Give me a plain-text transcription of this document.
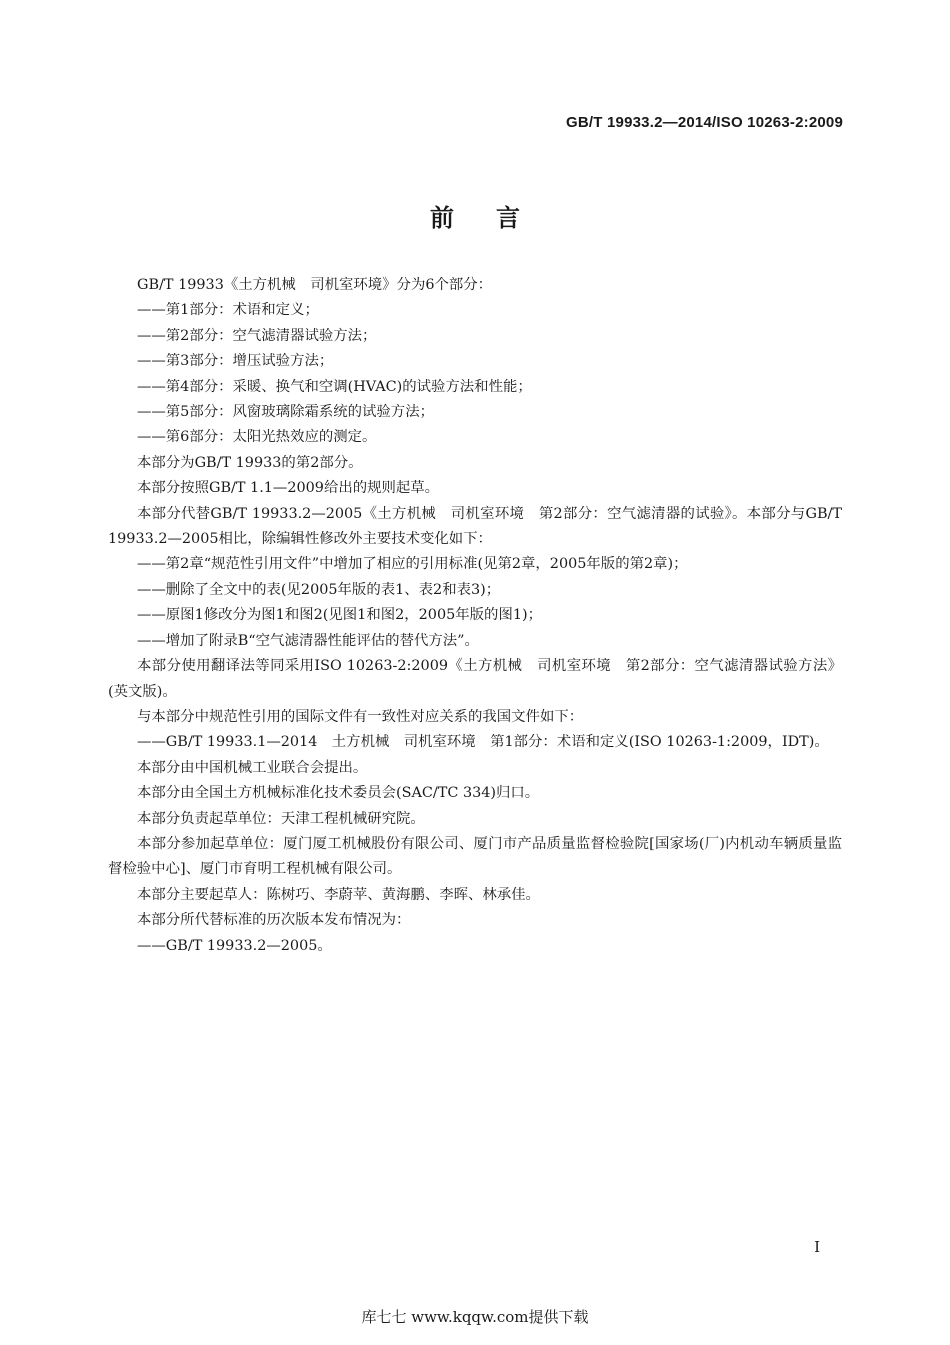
GB/T 19933.2—2014/ISO 10263-2:2009
前言

GB/T 19933《土方机械　司机室环境》分为6个部分：

——第1部分：术语和定义；

——第2部分：空气滤清器试验方法；

——第3部分：增压试验方法；

——第4部分：采暖、换气和空调(HVAC)的试验方法和性能；

——第5部分：风窗玻璃除霜系统的试验方法；

——第6部分：太阳光热效应的测定。

本部分为GB/T 19933的第2部分。

本部分按照GB/T 1.1—2009给出的规则起草。

本部分代替GB/T 19933.2—2005《土方机械　司机室环境　第2部分：空气滤清器的试验》。本部分与GB/T 19933.2—2005相比，除编辑性修改外主要技术变化如下：

——第2章“规范性引用文件”中增加了相应的引用标准(见第2章，2005年版的第2章)；

——删除了全文中的表(见2005年版的表1、表2和表3)；

——原图1修改分为图1和图2(见图1和图2，2005年版的图1)；

——增加了附录B“空气滤清器性能评估的替代方法”。

本部分使用翻译法等同采用ISO 10263-2:2009《土方机械　司机室环境　第2部分：空气滤清器试验方法》(英文版)。

与本部分中规范性引用的国际文件有一致性对应关系的我国文件如下：

——GB/T 19933.1—2014　土方机械　司机室环境　第1部分：术语和定义(ISO 10263-1:2009，IDT)。

本部分由中国机械工业联合会提出。

本部分由全国土方机械标准化技术委员会(SAC/TC 334)归口。

本部分负责起草单位：天津工程机械研究院。

本部分参加起草单位：厦门厦工机械股份有限公司、厦门市产品质量监督检验院[国家场(厂)内机动车辆质量监督检验中心]、厦门市育明工程机械有限公司。

本部分主要起草人：陈树巧、李蔚苹、黄海鹏、李晖、林承佳。

本部分所代替标准的历次版本发布情况为：

——GB/T 19933.2—2005。

I
库七七 www.kqqw.com提供下载
